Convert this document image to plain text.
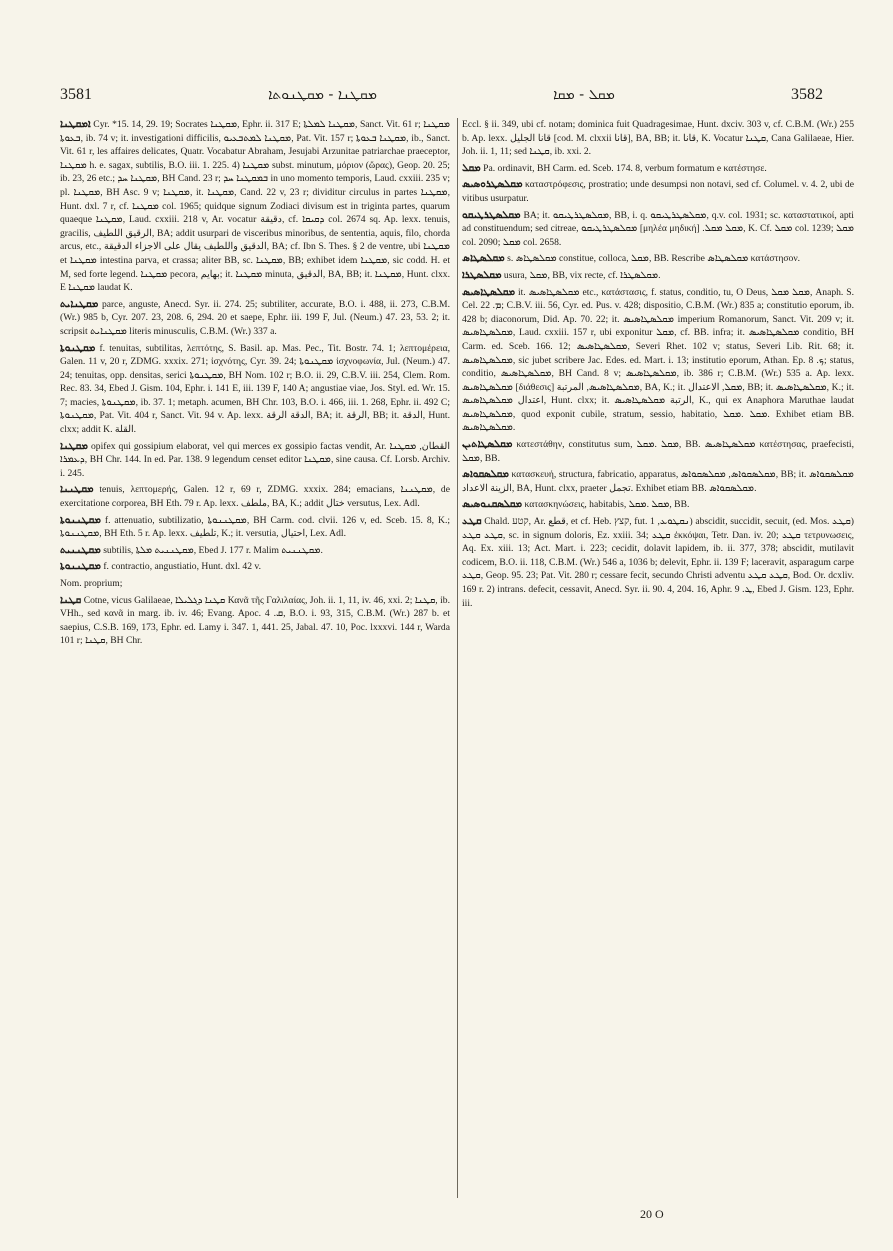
3581	ܡܩܛܢܐ - ܡܩܛܢܘܬܐ	ܡܩܠ - ܡܩܐ	3582

ܐܡܩܛܢܐ Cyr. *15. 14, 29. 19; Socrates ܡܩܛܢܐ, Ephr. ii. 317 E; ܡܩܛܢܐ ܠܡܠܬܐ, Sanct. Vit. 61 r; ܡܩܛܢܐ ܒܥܘܬܐ, ib. 74 v; it. investigationi difficilis, ܡܩܛܢܐ ܠܡܬܒܥܝܘ, Pat. Vit. 157 r; ܡܩܛܢܐ ܒܥܘܬܐ, ib., Sanct. Vit. 61 r, les affaires delicates, Quatr. Vocabatur Abraham, Jesujabi Arzunitae patriarchae praeceptor, ܡܩܛܢܐ h. e. sagax, subtilis, B.O. iii. 1. 225. 4) ܡܩܛܢܐ subst. minutum, μόριον (ὥρας), Geop. 20. 25; ib. 23, 26 etc.; ܡܩܛܢܐ ܚܕ, BH Cand. 23 r; ܒܡܩܛܢܐ ܚܕ in uno momento temporis, Laud. cxxiii. 235 v; pl. ܡܩܛܢܐ, BH Asc. 9 v; ܡܩܛܢܐ, it. ܡܩܛܢܐ, Cand. 22 v, 23 r; dividitur circulus in partes ܡܩܛܢܐ, Hunt. dxl. 7 r, cf. ܡܩܛܢܐ col. 1965; quidque signum Zodiaci divisum est in triginta partes, quarum quaeque ܡܩܛܢܐ, Laud. cxxiii. 218 v, Ar. vocatur دقيقة, cf. ܕܩܝܩܐ col. 2674 sq. Ap. lexx. tenuis, gracilis, الرقيق اللطيف, BA; addit usurpari de visceribus minoribus, de sententia, aquis, filo, chorda arcus, etc., الدقيق واللطيف يقال على الاجزاء الدقيقة, BA; cf. Ibn S. Thes. § 2 de ventre, ubi ܡܩܛܢܐ et ܡܩܛܢܐ intestina parva, et crassa; aliter BB, sc. ܡܩܛܢܐ, BB; exhibet idem ܡܩܛܢܐ, sic codd. H. et M, sed forte legend. ܡܩܛܢܐ pecora, بهايم; it. ܡܩܛܢܐ minuta, الدقيق, BA, BB; it. ܡܩܛܢܐ, Hunt. clxx. E ܡܩܛܢܐ laudat K.

ܡܩܛܢܐܝܬ parce, anguste, Anecd. Syr. ii. 274. 25; subtiliter, accurate, B.O. i. 488, ii. 273, C.B.M. (Wr.) 985 b, Cyr. 207. 23, 208. 6, 294. 20 et saepe, Ephr. iii. 199 F, Jul. (Neum.) 47. 23, 53. 2; it. scripsit ܡܩܛܢܐܝܬ literis minusculis, C.B.M. (Wr.) 337 a.

ܡܩܛܢܘܬܐ f. tenuitas, subtilitas, λεπτότης, S. Basil. ap. Mas. Pec., Tit. Bostr. 74. 1; λεπτομέρεια, Galen. 11 v, 20 r, ZDMG. xxxix. 271; ἰσχνότης, Cyr. 39. 24; ܡܩܛܢܘܬܐ ἰσχνοφωνία, Jul. (Neum.) 47. 24; tenuitas, opp. densitas, serici ܡܩܛܢܘܬܐ, BH Nom. 102 r; B.O. ii. 29, C.B.V. iii. 254, Clem. Rom. Rec. 83. 34, Ebed J. Gism. 104, Ephr. i. 141 E, iii. 139 F, 140 A; angustiae viae, Jos. Styl. ed. Wr. 15. 7; macies, ܡܩܛܢܘܬܐ, ib. 37. 1; metaph. acumen, BH Chr. 103, B.O. i. 466, iii. 1. 268, Ephr. ii. 492 C; ܡܩܛܢܘܬܐ, Pat. Vit. 404 r, Sanct. Vit. 94 v. Ap. lexx. الدقة الرقة, BA; it. الرقة, BB; it. الدقة, Hunt. clxx; addit K. القلة.

ܡܩܛܢܐ opifex qui gossipium elaborat, vel qui merces ex gossipio factas vendit, Ar. القطان, ܡܩܛܢܐ ܕܥܡܪܐ, BH Chr. 144. In ed. Par. 138. 9 legendum censet editor ܡܩܛܢܐ, sine causa. Cf. Lorsb. Archiv. i. 245.

ܡܩܛܢܢܐ tenuis, λεπτομερής, Galen. 12 r, 69 r, ZDMG. xxxix. 284; emacians, ܡܩܛܢܢܐ, de exercitatione corporea, BH Eth. 79 r. Ap. lexx. ملطف, BA, K.; addit ختال versutus, Lex. Adl.

ܡܩܛܢܢܘܬܐ f. attenuatio, subtilizatio, ܡܩܛܢܢܘܬܐ, BH Carm. cod. clvii. 126 v, ed. Sceb. 15. 8, K.; ܡܩܛܢܢܘܬܐ, BH Eth. 5 r. Ap. lexx. تلطيف, K.; it. versutia, احتيال, Lex. Adl.

ܡܩܛܢܢܝܬ subtilis, ܡܩܛܢܢܝܬ ܡܠܬܐ, Ebed J. 177 r. Malim ܡܩܛܢܢܝܬ.

ܡܩܛܢܢܘܬܐ f. contractio, angustiatio, Hunt. dxl. 42 v.

Nom. proprium;

ܩܛܢܐ Cotne, vicus Galilaeae, ܩܛܢܐ ܕܓܠܝܠܐ Κανᾶ τῆς Γαλιλαίας, Joh. ii. 1, 11, iv. 46, xxi. 2; ܩܛܢܐ, ib. VHh., sed κανᾶ in marg. ib. iv. 46; Evang. Apoc. ܩ. 4, B.O. i. 93, 315, C.B.M. (Wr.) 287 b. et saepius, C.S.B. 169, 173, Ephr. ed. Lamy i. 347. 1, 441. 25, Jabal. 47. 10, Poc. lxxxvi. 144 r, Warda 101 r; ܩܛܢܐ, BH Chr.

Eccl. § ii. 349, ubi cf. notam; dominica fuit Quadragesimae, Hunt. dxciv. 303 v, cf. C.B.M. (Wr.) 255 b. Ap. lexx. قانا الجليل [cod. M. clxxii قانا], BA, BB; it. قانا, K. Vocatur ܩܛܢܐ, Cana Galilaeae, Hier. Joh. ii. 1, 11; sed ܩܛܢܐ, ib. xxi. 2.

ܡܩܠ Pa. ordinavit, BH Carm. ed. Sceb. 174. 8, verbum formatum e κατέστησε.

ܡܩܠܣܛܪܘܣܝܣ καταστρόφεσις, prostratio; unde desumpsi non notavi, sed cf. Columel. v. 4. 2, ubi de vitibus usurpatur.

ܡܩܠܣܛܪܛܝܩܘ BA; it. ܡܩܠܣܛܪܛܝܩܘ, BB, i. q. ܡܩܠܣܛܪܛܝܩܘ, q.v. col. 1931; sc. καταστατικοί, apti ad constituendum; sed citreae, ܡܩܠܣܛܪܛܝܩܘ [μηλέα μηδική] .ܡܩܠ ܡܩܠ, K. Cf. ܡܩܠ col. 1239; ܡܩܠ col. 2090; ܡܩܠ col. 2658.

ܡܩܠܣܛܐܣ s. ܡܩܠܣܛܐܣ constitue, colloca, ܡܩܠ, BB. Rescribe ܡܩܠܣܛܐܣ κατάστησον.

ܡܩܠܣܛܪܐ usura, ܡܩܠ, BB, vix recte, cf. ܡܩܠܣܛܪܐ.

ܡܩܠܣܛܐܣܝܣ it. ܡܩܠܣܛܐܣܝܣ etc., κατάστασις, f. status, conditio, tu, O Deus, ܡܩܠ ܡܩܠ, Anaph. S. Cel. ܡ. 22; C.B.V. iii. 56, Cyr. ed. Pus. v. 428; dispositio, C.B.M. (Wr.) 835 a; constitutio eporum, ib. 428 b; diaconorum, Did. Ap. 70. 22; it. ܡܩܠܣܛܐܣܝܣ imperium Romanorum, Sanct. Vit. 209 v; it. ܡܩܠܣܛܐܣܝܣ, Laud. cxxiii. 157 r, ubi exponitur ܡܩܠ, cf. BB. infra; it. ܡܩܠܣܛܐܣܝܣ conditio, BH Carm. ed. Sceb. 166. 12; ܡܩܠܣܛܐܣܝܣ, Severi Rhet. 102 v; status, Severi Lib. Rit. 68; it. ܡܩܠܣܛܐܣܝܣ, sic jubet scribere Jac. Edes. ed. Mart. i. 13; institutio eporum, Athan. Ep. ܟ. 8; status, conditio, ܡܩܠܣܛܐܣܝܣ, BH Cand. 8 v; ܡܩܠܣܛܐܣܝܣ, ib. 386 r; C.B.M. (Wr.) 535 a. Ap. lexx. ܡܩܠܣܛܐܣܝܣ [διάθεσις] ܡܩܠܣܛܐܣܝܣ, المرتبة, BA, K.; it. ܡܩܠ, الاعتدال, BB; it. ܡܩܠܣܛܐܣܝܣ, K.; it. اعتدال ܡܩܠܣܛܐܣܝܣ, Hunt. clxx; it. الرتبة ܡܩܠܣܛܐܣܝܣ, K., qui ex Anaphora Maruthae laudat ܡܩܠܣܛܐܣܝܣ, quod exponit cubile, stratum, sessio, habitatio, ܡܩܠ .ܡܩܠ. Exhibet etiam BB. ܡܩܠܣܛܐܣܝܣ.

ܡܩܠܣܛܐܬܝܢ κατεστάθην, constitutus sum, ܡܩܠ .ܡܩܠ, BB. ܡܩܠܣܛܐܣܝܣ κατέστησας, praefecisti, ܡܩܠ, BB.

ܡܩܠܣܩܘܐܣ κατασκευή, structura, fabricatio, apparatus, ܡܩܠܣܩܘܐܣ, ܡܩܠܣܩܘܐܣ, BB; it. ܡܩܠܣܩܘܐܣ الزينة الاعداد, BA, Hunt. clxx, praeter تجمل. Exhibet etiam BB. ܡܩܠܣܩܘܐܣ.

ܡܩܠܣܩܢܘܣܝܣ κατασκηνώσεις, habitabis, ܡܩܠ .ܡܩܠ, BB.

ܩܛܥ Chald. קטע, Ar. قطع, et cf. Heb. קצץ, fut. ܢܩܛܘܥ, 1) abscidit, succidit, secuit, (ed. Mos. ܩܛܥ) ܩܛܥ ܩܛܥ, sc. in signum doloris, Ez. xxiii. 34; ܩܛܥ ἐκκόψαι, Tetr. Dan. iv. 20; ܩܛܥ τετρυνωσεις, Aq. Ex. xiii. 13; Act. Mart. i. 223; cecidit, dolavit lapidem, ib. ii. 377, 378; abscidit, mutilavit codicem, B.O. ii. 118, C.B.M. (Wr.) 546 a, 1036 b; delevit, Ephr. ii. 139 F; laceravit, asparagum carpe ܩܛܥ, Geop. 95. 23; Pat. Vit. 280 r; cessare fecit, secundo Christi adventu ܩܛܥ ܩܛܥ, Bod. Or. dcxliv. 169 r. 2) intrans. defecit, cessavit, Anecd. Syr. ii. 90. 4, 204. 16, Aphr. ܛ. 9, Ebed J. Gism. 123, Ephr. iii.

20 O
